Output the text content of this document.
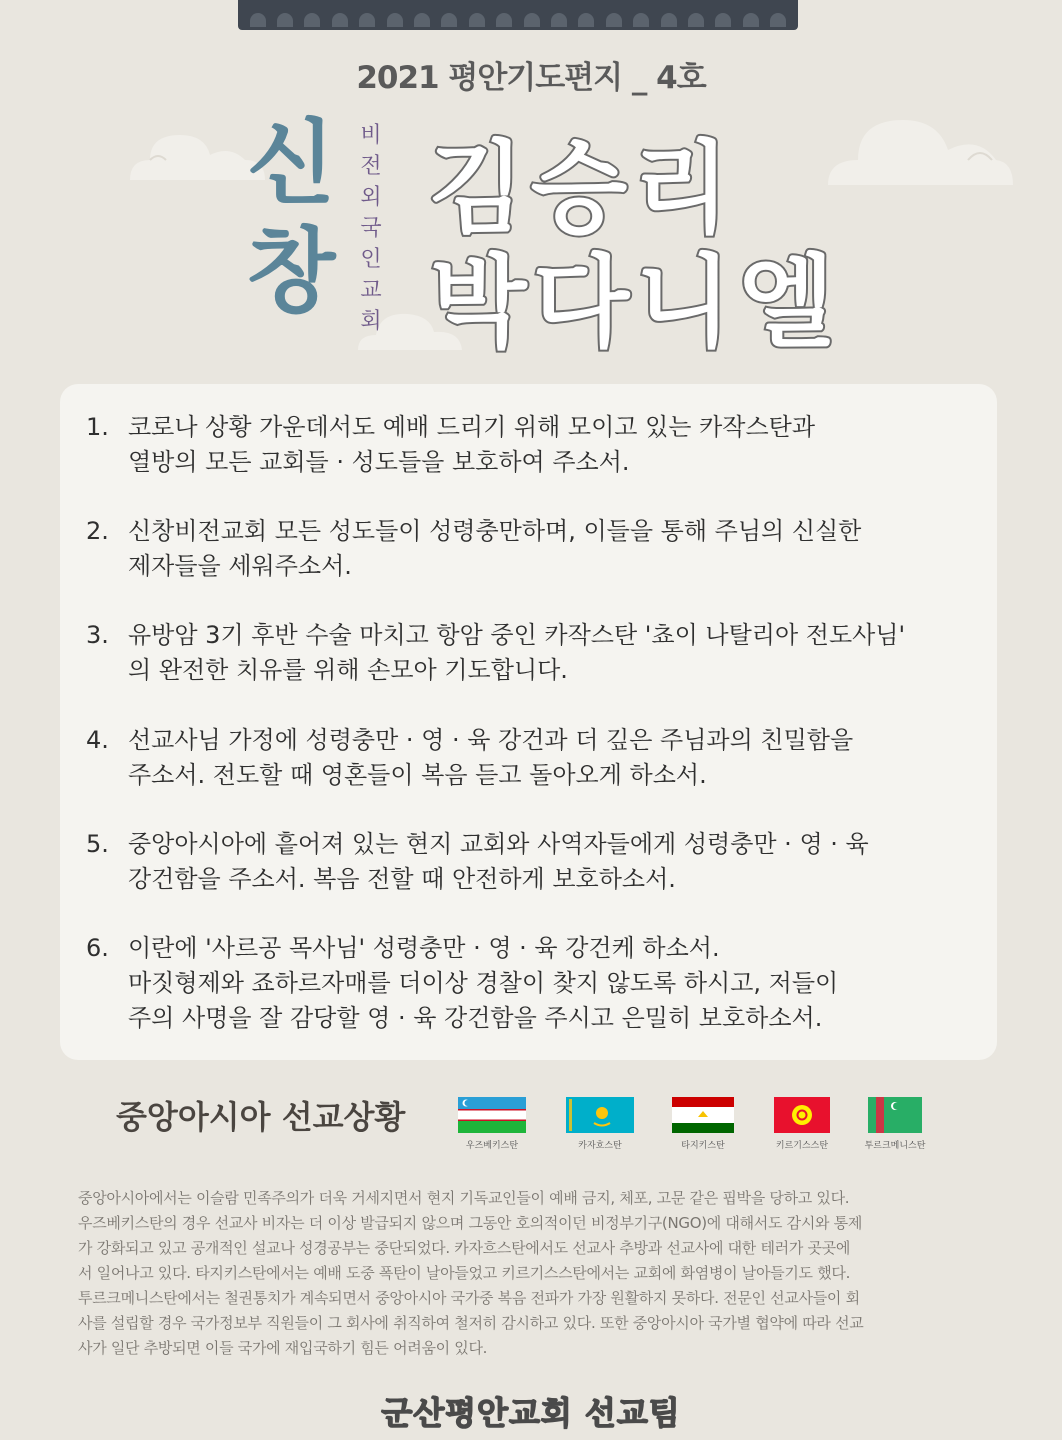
2021 평안기도편지 _ 4호
신창
비전외국인교회
김승리
박다니엘
1. 코로나 상황 가운데서도 예배 드리기 위해 모이고 있는 카작스탄과
열방의 모든 교회들 · 성도들을 보호하여 주소서.
2. 신창비전교회 모든 성도들이 성령충만하며, 이들을 통해 주님의 신실한
제자들을 세워주소서.
3. 유방암 3기 후반 수술 마치고 항암 중인 카작스탄 '쵸이 나탈리아 전도사님'
의 완전한 치유를 위해 손모아 기도합니다.
4. 선교사님 가정에 성령충만 · 영 · 육 강건과 더 깊은 주님과의 친밀함을
주소서. 전도할 때 영혼들이 복음 듣고 돌아오게 하소서.
5. 중앙아시아에 흩어져 있는 현지 교회와 사역자들에게 성령충만 · 영 · 육
강건함을 주소서. 복음 전할 때 안전하게 보호하소서.
6. 이란에 '사르공 목사님' 성령충만 · 영 · 육 강건케 하소서.
마짓형제와 죠하르자매를 더이상 경찰이 찾지 않도록 하시고, 저들이
주의 사명을 잘 감당할 영 · 육 강건함을 주시고 은밀히 보호하소서.
중앙아시아 선교상황
우즈베키스탄	카자흐스탄	타지키스탄	키르기스스탄	투르크메니스탄
중앙아시아에서는 이슬람 민족주의가 더욱 거세지면서 현지 기독교인들이 예배 금지, 체포, 고문 같은 핍박을 당하고 있다.
우즈베키스탄의 경우 선교사 비자는 더 이상 발급되지 않으며 그동안 호의적이던 비정부기구(NGO)에 대해서도 감시와 통제
가 강화되고 있고 공개적인 설교나 성경공부는 중단되었다. 카자흐스탄에서도 선교사 추방과 선교사에 대한 테러가 곳곳에
서 일어나고 있다. 타지키스탄에서는 예배 도중 폭탄이 날아들었고 키르기스스탄에서는 교회에 화염병이 날아들기도 했다.
투르크메니스탄에서는 철권통치가 계속되면서 중앙아시아 국가중 복음 전파가 가장 원활하지 못하다. 전문인 선교사들이 회
사를 설립할 경우 국가정보부 직원들이 그 회사에 취직하여 철저히 감시하고 있다. 또한 중앙아시아 국가별 협약에 따라 선교
사가 일단 추방되면 이들 국가에 재입국하기 힘든 어려움이 있다.
군산평안교회 선교팀
